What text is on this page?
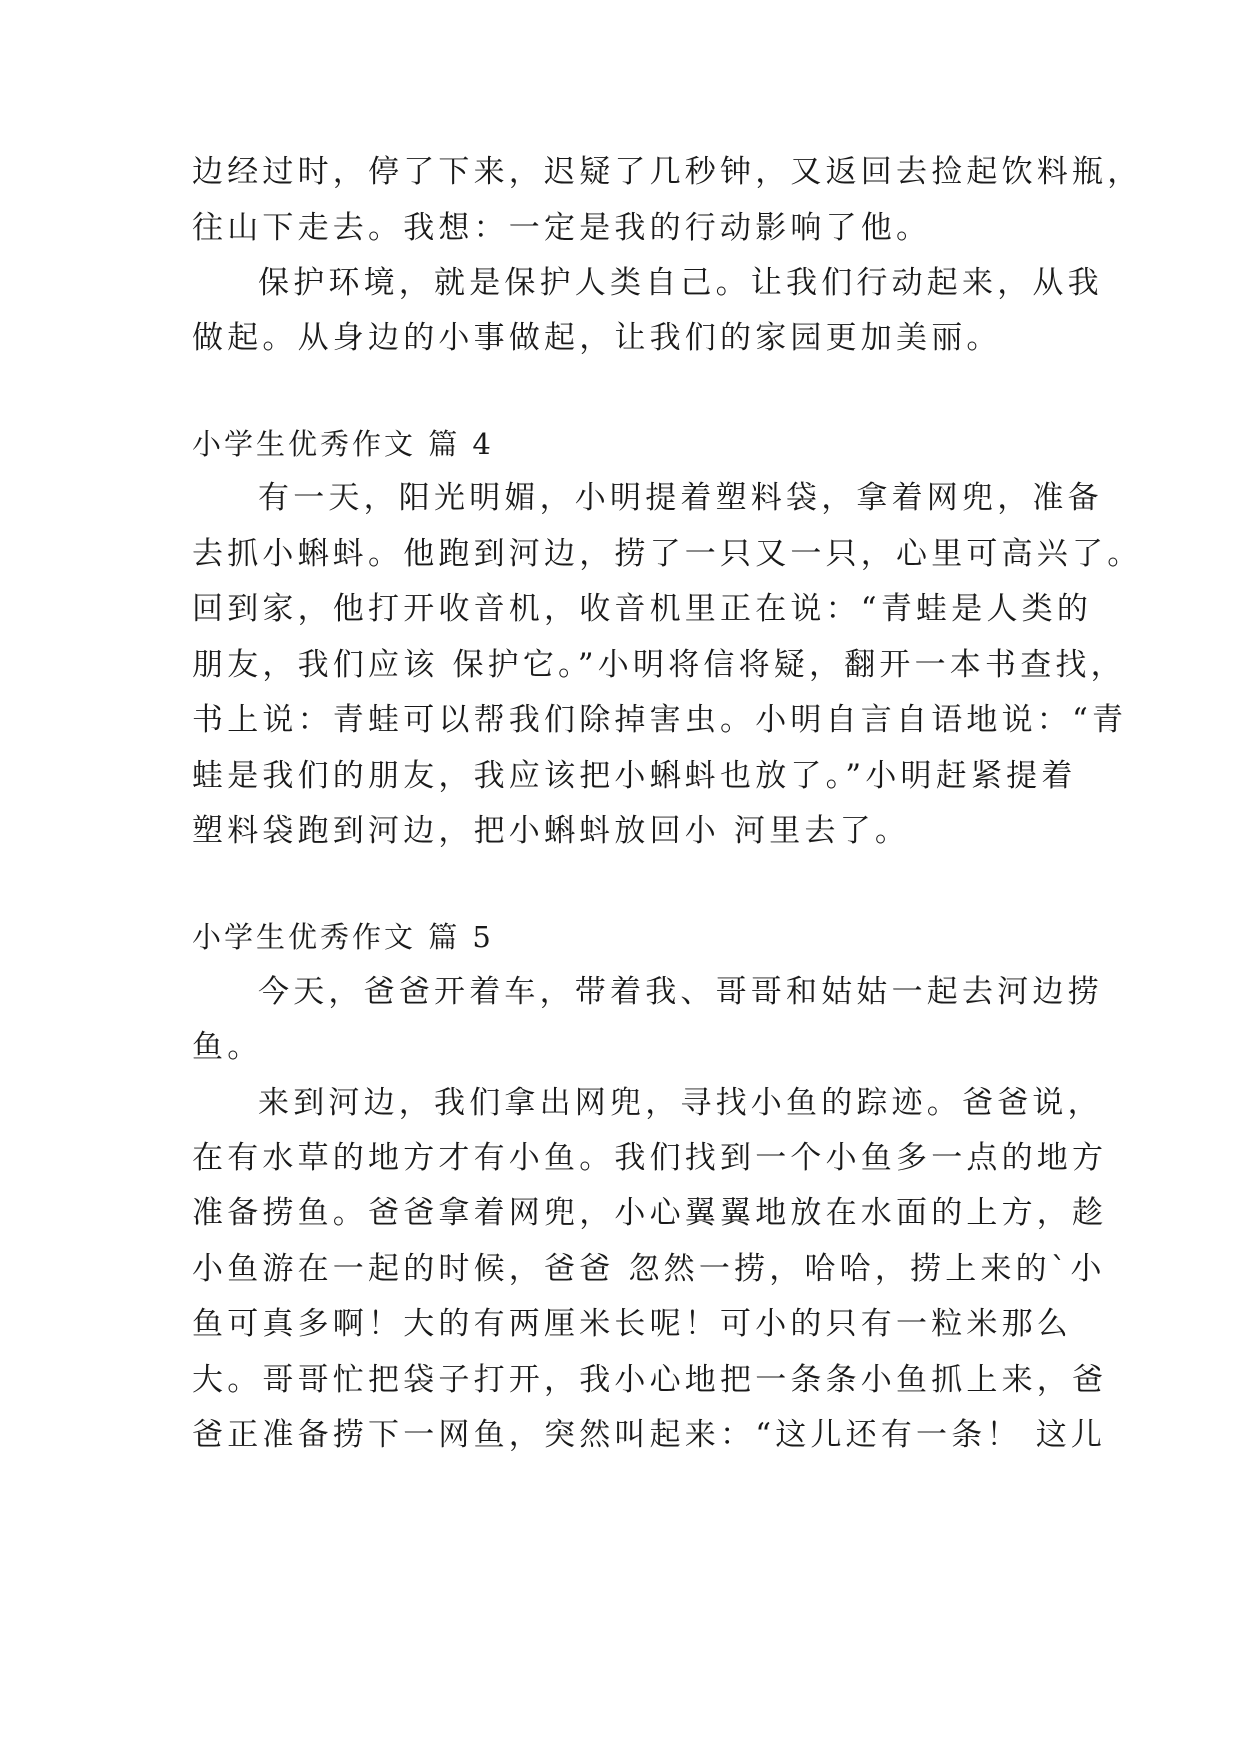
边经过时，停了下来，迟疑了几秒钟，又返回去捡起饮料瓶，
往山下走去。我想：一定是我的行动影响了他。
保护环境，就是保护人类自己。让我们行动起来，从我
做起。从身边的小事做起，让我们的家园更加美丽。
小学生优秀作文 篇 4
有一天，阳光明媚，小明提着塑料袋，拿着网兜，准备
去抓小蝌蚪。他跑到河边，捞了一只又一只，心里可高兴了。
回到家，他打开收音机，收音机里正在说：“青蛙是人类的
朋友，我们应该 保护它。”小明将信将疑，翻开一本书查找，
书上说：青蛙可以帮我们除掉害虫。小明自言自语地说：“青
蛙是我们的朋友，我应该把小蝌蚪也放了。”小明赶紧提着
塑料袋跑到河边，把小蝌蚪放回小 河里去了。
小学生优秀作文 篇 5
今天，爸爸开着车，带着我、哥哥和姑姑一起去河边捞
鱼。
来到河边，我们拿出网兜，寻找小鱼的踪迹。爸爸说，
在有水草的地方才有小鱼。我们找到一个小鱼多一点的地方
准备捞鱼。爸爸拿着网兜，小心翼翼地放在水面的上方，趁
小鱼游在一起的时候，爸爸 忽然一捞，哈哈，捞上来的`小
鱼可真多啊！大的有两厘米长呢！可小的只有一粒米那么
大。哥哥忙把袋子打开，我小心地把一条条小鱼抓上来，爸
爸正准备捞下一网鱼，突然叫起来：“这儿还有一条！ 这儿
